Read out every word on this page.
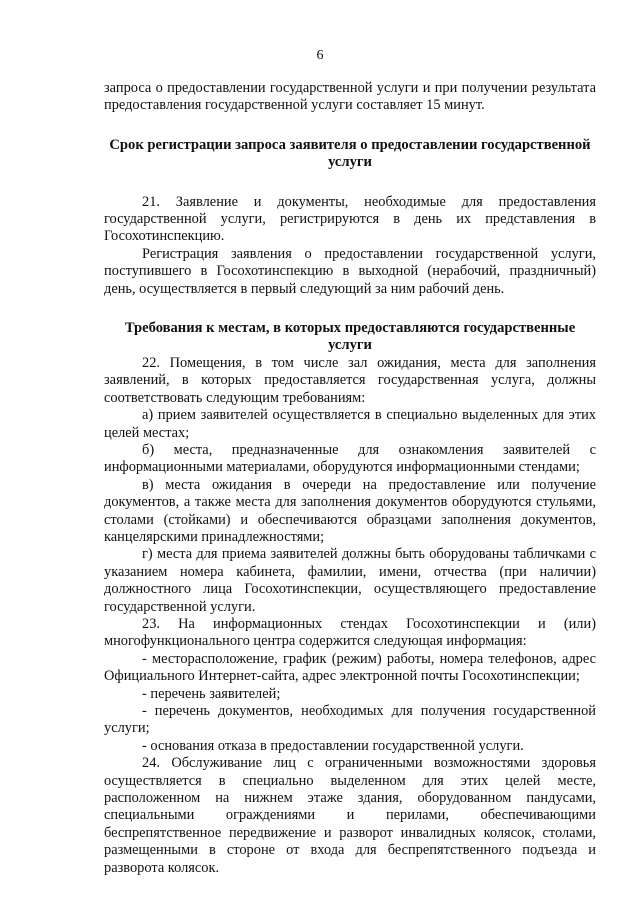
6

запроса о предоставлении государственной услуги и при получении результата предоставления государственной услуги составляет 15 минут.

Срок регистрации запроса заявителя о предоставлении государственной услуги

21. Заявление и документы, необходимые для предоставления государственной услуги, регистрируются в день их представления в Госохотинспекцию.

Регистрация заявления о предоставлении государственной услуги, поступившего в Госохотинспекцию в выходной (нерабочий, праздничный) день, осуществляется в первый следующий за ним рабочий день.

Требования к местам, в которых предоставляются государственные услуги

22. Помещения, в том числе зал ожидания, места для заполнения заявлений, в которых предоставляется государственная услуга, должны соответствовать следующим требованиям:

а) прием заявителей осуществляется в специально выделенных для этих целей местах;

б) места, предназначенные для ознакомления заявителей с информационными материалами, оборудуются информационными стендами;

в) места ожидания в очереди на предоставление или получение документов, а также места для заполнения документов оборудуются стульями, столами (стойками) и обеспечиваются образцами заполнения документов, канцелярскими принадлежностями;

г) места для приема заявителей должны быть оборудованы табличками с указанием номера кабинета, фамилии, имени, отчества (при наличии) должностного лица Госохотинспекции, осуществляющего предоставление государственной услуги.

23. На информационных стендах Госохотинспекции и (или) многофункционального центра содержится следующая информация:

- месторасположение, график (режим) работы, номера телефонов, адрес Официального Интернет-сайта, адрес электронной почты Госохотинспекции;

- перечень заявителей;

- перечень документов, необходимых для получения государственной услуги;

- основания отказа в предоставлении государственной услуги.

24. Обслуживание лиц с ограниченными возможностями здоровья осуществляется в специально выделенном для этих целей месте, расположенном на нижнем этаже здания, оборудованном пандусами, специальными ограждениями и перилами, обеспечивающими беспрепятственное передвижение и разворот инвалидных колясок, столами, размещенными в стороне от входа для беспрепятственного подъезда и разворота колясок.
